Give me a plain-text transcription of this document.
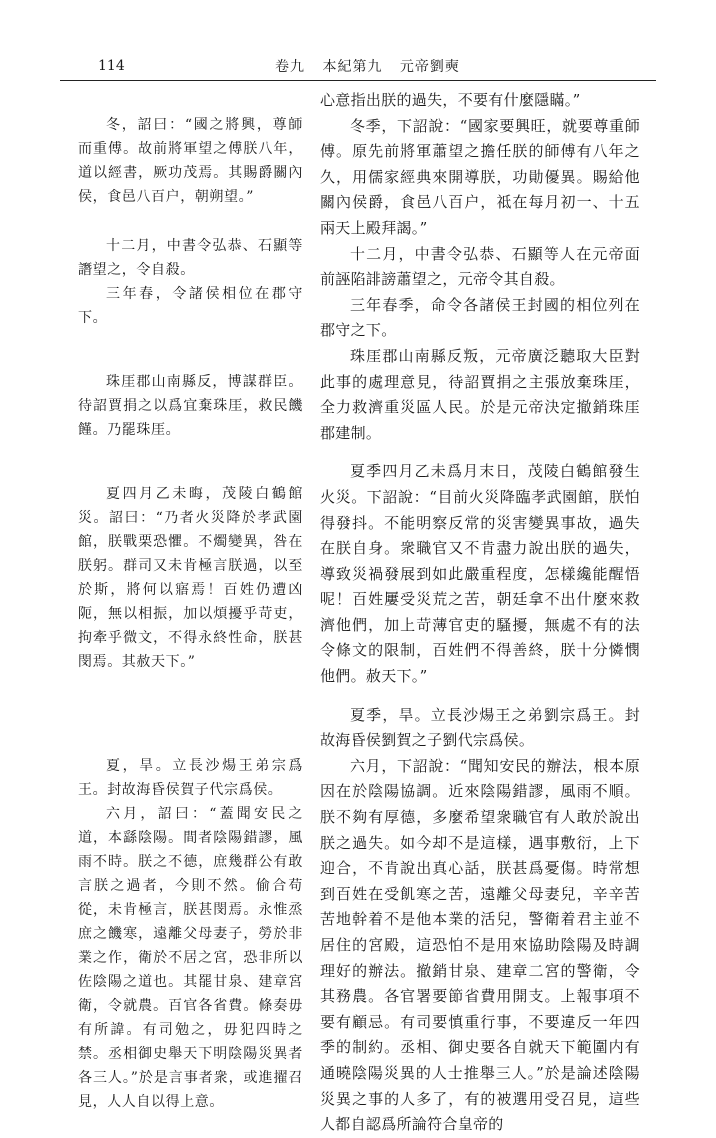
114	卷九 本紀第九 元帝劉奭

冬，詔曰：“國之將興，尊師而重傅。故前將軍望之傅朕八年，道以經書，厥功茂焉。其賜爵關內侯，食邑八百户，朝朔望。”

十二月，中書令弘恭、石顯等譖望之，令自殺。

三年春，令諸侯相位在郡守下。

珠厓郡山南縣反，博謀群臣。待詔賈捐之以爲宜棄珠厓，救民饑饉。乃罷珠厓。

夏四月乙未晦，茂陵白鶴館災。詔曰：“乃者火災降於孝武園館，朕戰栗恐懼。不燭變異，咎在朕躬。群司又未肯極言朕過，以至於斯，將何以寤焉！百姓仍遭凶阨，無以相振，加以煩擾乎苛吏，拘牽乎微文，不得永終性命，朕甚閔焉。其赦天下。”

夏，旱。立長沙煬王弟宗爲王。封故海昏侯賀子代宗爲侯。

六月，詔曰：“蓋聞安民之道，本繇陰陽。間者陰陽錯謬，風雨不時。朕之不德，庶幾群公有敢言朕之過者，今則不然。偷合苟從，未肯極言，朕甚閔焉。永惟烝庶之饑寒，遠離父母妻子，勞於非業之作，衛於不居之宮，恐非所以佐陰陽之道也。其罷甘泉、建章宮衛，令就農。百官各省費。條奏毋有所諱。有司勉之，毋犯四時之禁。丞相御史舉天下明陰陽災異者各三人。”於是言事者衆，或進擢召見，人人自以得上意。

心意指出朕的過失，不要有什麼隱瞞。”

冬季，下詔說：“國家要興旺，就要尊重師傅。原先前將軍蕭望之擔任朕的師傅有八年之久，用儒家經典來開導朕，功勛優異。賜給他關內侯爵，食邑八百户，祗在每月初一、十五兩天上殿拜謁。”

十二月，中書令弘恭、石顯等人在元帝面前誣陷誹謗蕭望之，元帝令其自殺。

三年春季，命令各諸侯王封國的相位列在郡守之下。

珠厓郡山南縣反叛，元帝廣泛聽取大臣對此事的處理意見，待詔賈捐之主張放棄珠厓，全力救濟重災區人民。於是元帝決定撤銷珠厓郡建制。

夏季四月乙未爲月末日，茂陵白鶴館發生火災。下詔說：“目前火災降臨孝武園館，朕怕得發抖。不能明察反常的災害變異事故，過失在朕自身。衆職官又不肯盡力說出朕的過失，導致災禍發展到如此嚴重程度，怎樣纔能醒悟呢！百姓屢受災荒之苦，朝廷拿不出什麼來救濟他們，加上苛薄官吏的騷擾，無處不有的法令條文的限制，百姓們不得善終，朕十分憐憫他們。赦天下。”

夏季，旱。立長沙煬王之弟劉宗爲王。封故海昏侯劉賀之子劉代宗爲侯。

六月，下詔說：“聞知安民的辦法，根本原因在於陰陽協調。近來陰陽錯謬，風雨不順。朕不夠有厚德，多麼希望衆職官有人敢於說出朕之過失。如今却不是這樣，遇事敷衍，上下迎合，不肯說出真心話，朕甚爲憂傷。時常想到百姓在受飢寒之苦，遠離父母妻兒，辛辛苦苦地幹着不是他本業的活兒，警衛着君主並不居住的宮殿，這恐怕不是用來協助陰陽及時調理好的辦法。撤銷甘泉、建章二宮的警衛，令其務農。各官署要節省費用開支。上報事項不要有顧忌。有司要慎重行事，不要違反一年四季的制約。丞相、御史要各自就天下範圍内有通曉陰陽災異的人士推舉三人。”於是論述陰陽災異之事的人多了，有的被選用受召見，這些人都自認爲所論符合皇帝的
